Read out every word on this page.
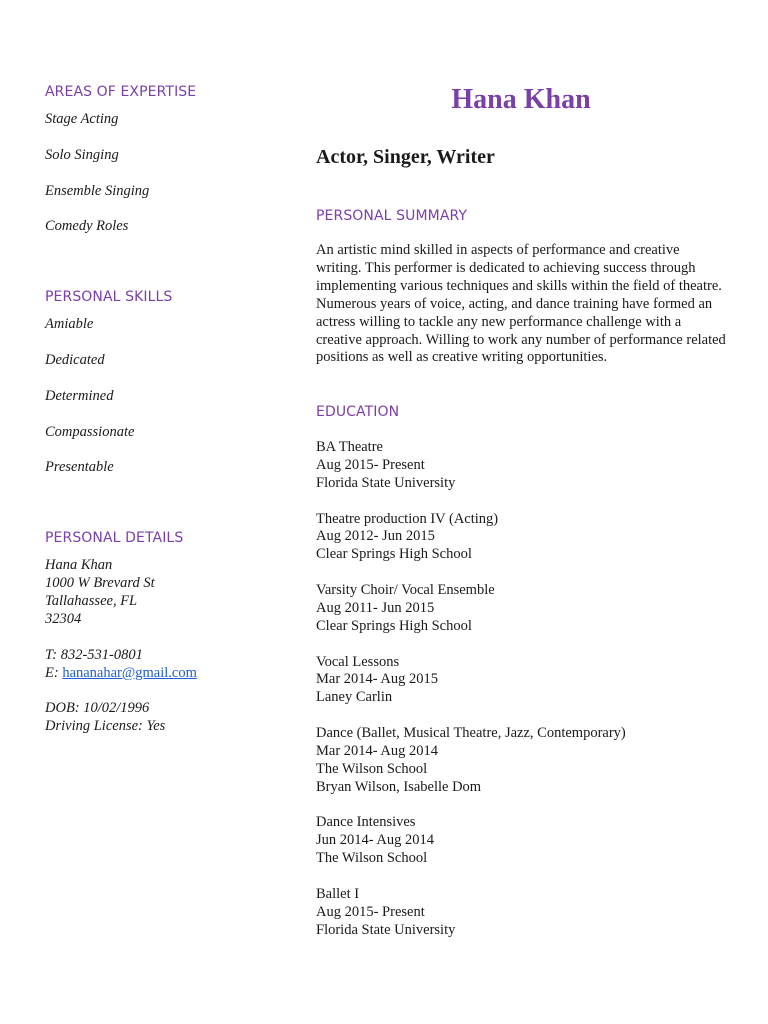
AREAS OF EXPERTISE

Stage Acting

Solo Singing

Ensemble Singing

Comedy Roles

PERSONAL SKILLS

Amiable

Dedicated

Determined

Compassionate

Presentable

PERSONAL DETAILS

Hana Khan

1000 W Brevard St

Tallahassee, FL

32304

T: 832-531-0801

E: hananahar@gmail.com

DOB: 10/02/1996

Driving License: Yes

Hana Khan

Actor, Singer, Writer

PERSONAL SUMMARY

An artistic mind skilled in aspects of performance and creative writing. This performer is dedicated to achieving success through implementing various techniques and skills within the field of theatre. Numerous years of voice, acting, and dance training have formed an actress willing to tackle any new performance challenge with a creative approach. Willing to work any number of performance related positions as well as creative writing opportunities.

EDUCATION

BA Theatre

Aug 2015- Present

Florida State University

Theatre production IV (Acting)

Aug 2012- Jun 2015

Clear Springs High School

Varsity Choir/ Vocal Ensemble

Aug 2011- Jun 2015

Clear Springs High School

Vocal Lessons

Mar 2014- Aug 2015

Laney Carlin

Dance (Ballet, Musical Theatre, Jazz, Contemporary)

Mar 2014- Aug 2014

The Wilson School

Bryan Wilson, Isabelle Dom

Dance Intensives

Jun 2014- Aug 2014

The Wilson School

Ballet I

Aug 2015- Present

Florida State University
